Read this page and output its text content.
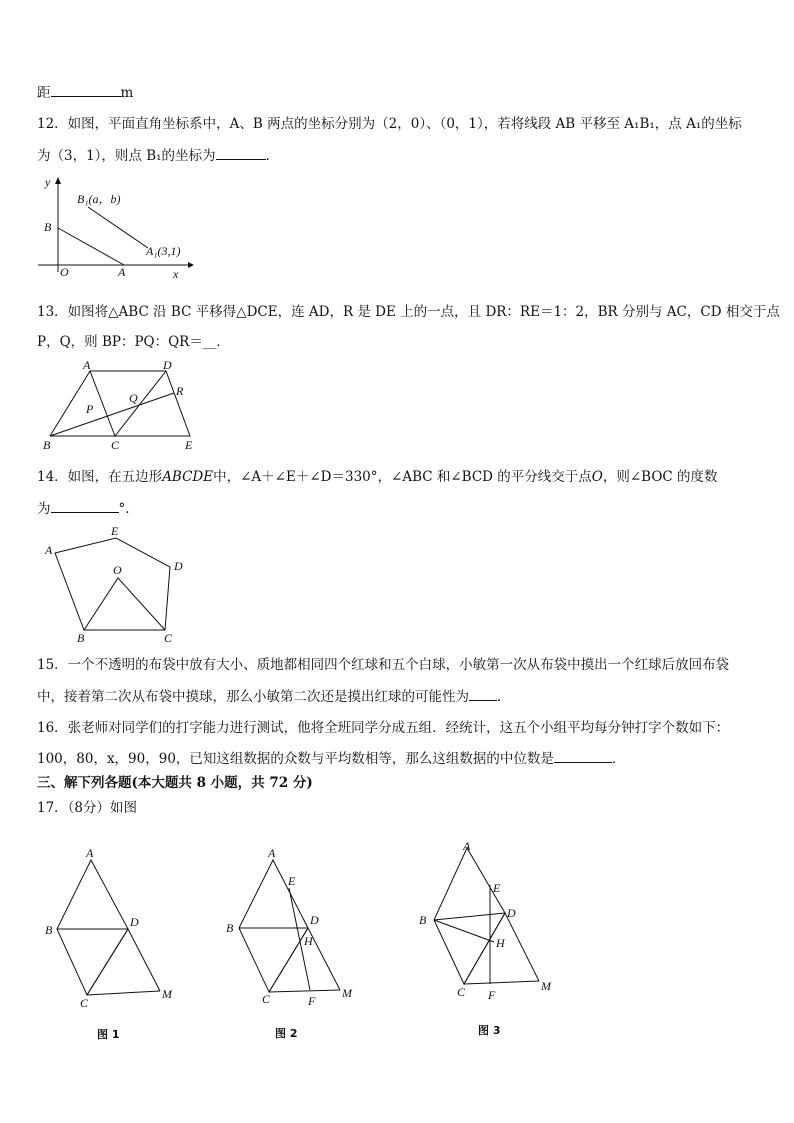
距	m
12．如图，平面直角坐标系中，A、B 两点的坐标分别为（2，0）、（0，1），若将线段 AB 平移至 A₁B₁，点 A₁的坐标
为（3，1），则点 B₁的坐标为	．
y
x
O	A
B
B₁(a，b)
A₁(3,1)
13．如图将△ABC 沿 BC 平移得△DCE，连 AD，R 是 DE 上的一点，且 DR：RE＝1：2，BR 分别与 AC，CD 相交于点
P，Q，则 BP：PQ：QR＝__．
A	D
R
P
Q
B	C	E
14．如图，在五边形ABCDE中，∠A＋∠E＋∠D＝330°，∠ABC 和∠BCD 的平分线交于点O，则∠BOC 的度数
为	°.
A
E
D
O
B	C
15．一个不透明的布袋中放有大小、质地都相同四个红球和五个白球，小敏第一次从布袋中摸出一个红球后放回布袋
中，接着第二次从布袋中摸球，那么小敏第二次还是摸出红球的可能性为 ．
16．张老师对同学们的打字能力进行测试，他将全班同学分成五组．经统计，这五个小组平均每分钟打字个数如下：
100，80，x，90，90，已知这组数据的众数与平均数相等，那么这组数据的中位数是	．
三、解下列各题(本大题共 8 小题，共 72 分)
17．（8分）如图
A
B
D
C
M
图 1
A
E
B
D
H
C	F
M
图 2
A
E
B	D
H
C F
M
图 3
